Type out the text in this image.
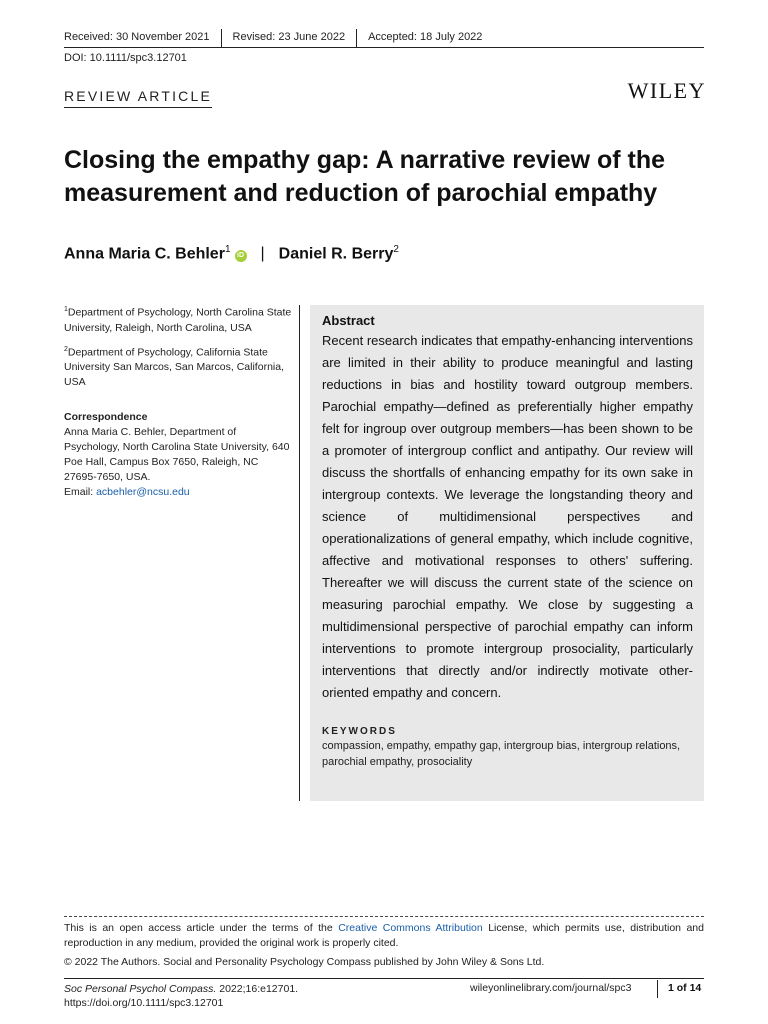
Received: 30 November 2021	Revised: 23 June 2022	Accepted: 18 July 2022
DOI: 10.1111/spc3.12701
REVIEW ARTICLE	WILEY
Closing the empathy gap: A narrative review of the measurement and reduction of parochial empathy
Anna Maria C. Behler$^1$iD | Daniel R. Berry$^2$

$^1$Department of Psychology, North Carolina State University, Raleigh, North Carolina, USA

$^2$Department of Psychology, California State University San Marcos, San Marcos, California, USA

Correspondence

Anna Maria C. Behler, Department of Psychology, North Carolina State University, 640 Poe Hall, Campus Box 7650, Raleigh, NC 27695-7650, USA.
Email: acbehler@ncsu.edu

Abstract

Recent research indicates that empathy-enhancing interventions are limited in their ability to produce meaningful and lasting reductions in bias and hostility toward outgroup members. Parochial empathy—defined as preferentially higher empathy felt for ingroup over outgroup members—has been shown to be a promoter of intergroup conflict and antipathy. Our review will discuss the shortfalls of enhancing empathy for its own sake in intergroup contexts. We leverage the longstanding theory and science of multidimensional perspectives and operationalizations of general empathy, which include cognitive, affective and motivational responses to others' suffering. Thereafter we will discuss the current state of the science on measuring parochial empathy. We close by suggesting a multidimensional perspective of parochial empathy can inform interventions to promote intergroup prosociality, particularly interventions that directly and/or indirectly motivate other-oriented empathy and concern.

KEYWORDS

compassion, empathy, empathy gap, intergroup bias, intergroup relations, parochial empathy, prosociality

This is an open access article under the terms of the Creative Commons Attribution License, which permits use, distribution and reproduction in any medium, provided the original work is properly cited.
© 2022 The Authors. Social and Personality Psychology Compass published by John Wiley & Sons Ltd.
Soc Personal Psychol Compass. 2022;16:e12701.
https://doi.org/10.1111/spc3.12701
wileyonlinelibrary.com/journal/spc3	1 of 14
